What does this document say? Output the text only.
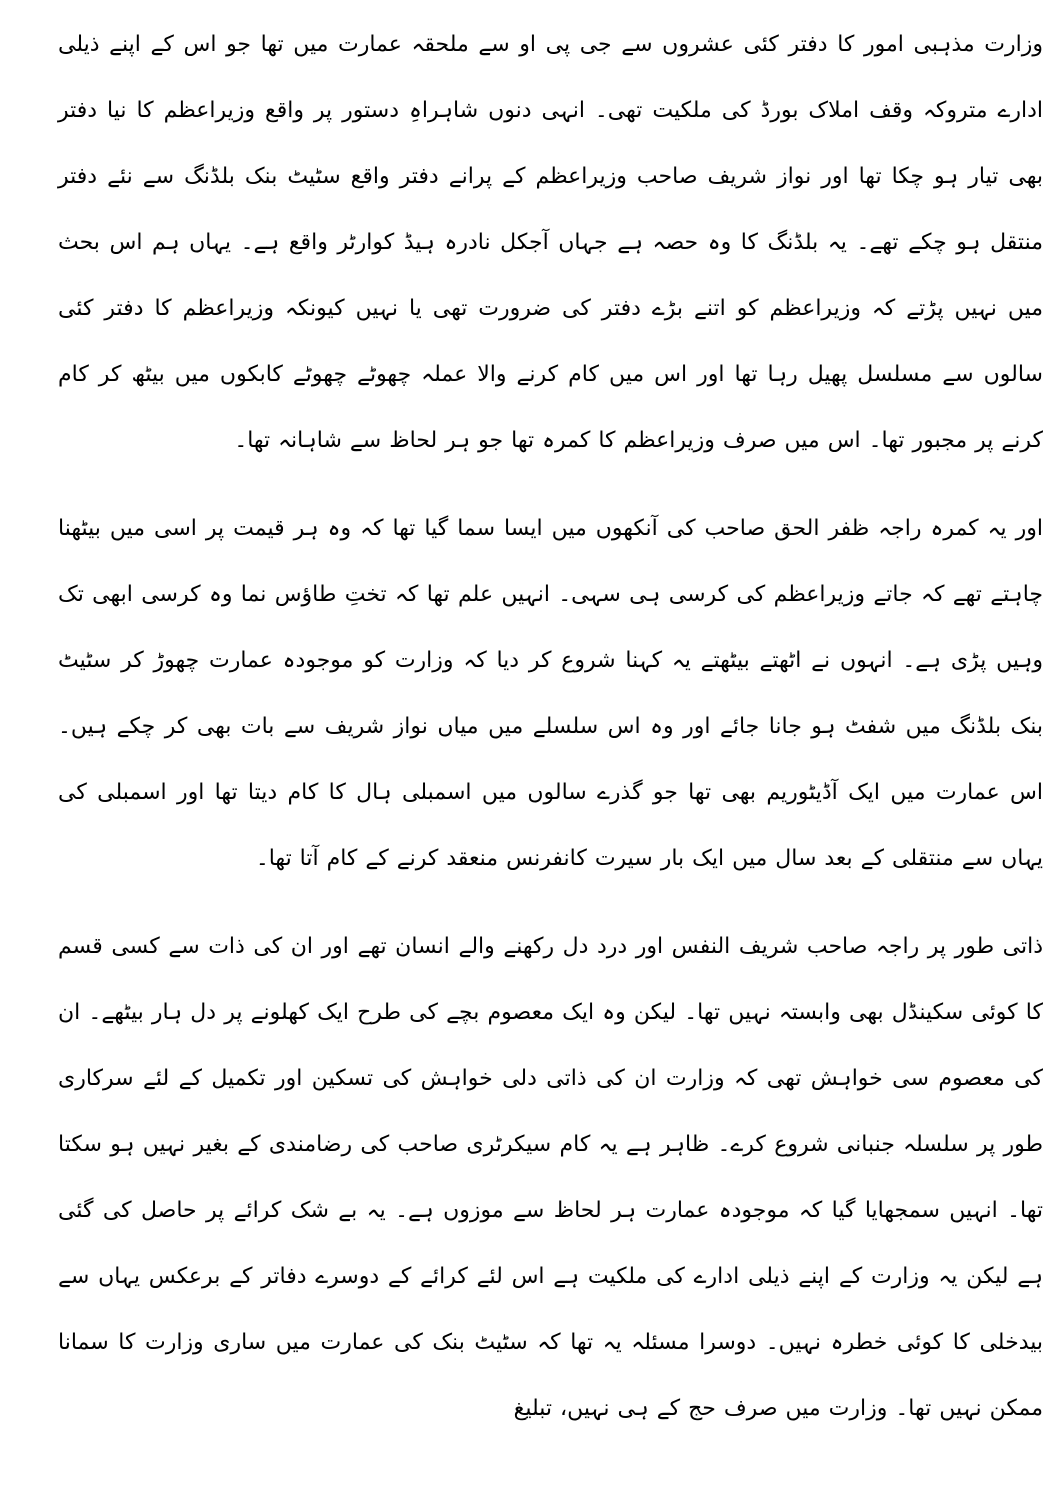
وزارت مذہبی امور کا دفتر کئی عشروں سے جی پی او سے ملحقہ عمارت میں تھا جو اس کے اپنے ذیلی ادارے متروکہ وقف املاک بورڈ کی ملکیت تھی۔ انہی دنوں شاہراہِ دستور پر واقع وزیراعظم کا نیا دفتر بھی تیار ہو چکا تھا اور نواز شریف صاحب وزیراعظم کے پرانے دفتر واقع سٹیٹ بنک بلڈنگ سے نئے دفتر منتقل ہو چکے تھے۔ یہ بلڈنگ کا وہ حصہ ہے جہاں آجکل نادرہ ہیڈ کوارٹر واقع ہے۔ یہاں ہم اس بحث میں نہیں پڑتے کہ وزیراعظم کو اتنے بڑے دفتر کی ضرورت تھی یا نہیں کیونکہ وزیراعظم کا دفتر کئی سالوں سے مسلسل پھیل رہا تھا اور اس میں کام کرنے والا عملہ چھوٹے چھوٹے کابکوں میں بیٹھ کر کام کرنے پر مجبور تھا۔ اس میں صرف وزیراعظم کا کمرہ تھا جو ہر لحاظ سے شاہانہ تھا۔

اور یہ کمرہ راجہ ظفر الحق صاحب کی آنکھوں میں ایسا سما گیا تھا کہ وہ ہر قیمت پر اسی میں بیٹھنا چاہتے تھے کہ جاتے وزیراعظم کی کرسی ہی سہی۔ انہیں علم تھا کہ تختِ طاؤس نما وہ کرسی ابھی تک وہیں پڑی ہے۔ انہوں نے اٹھتے بیٹھتے یہ کہنا شروع کر دیا کہ وزارت کو موجودہ عمارت چھوڑ کر سٹیٹ بنک بلڈنگ میں شفٹ ہو جانا جائے اور وہ اس سلسلے میں میاں نواز شریف سے بات بھی کر چکے ہیں۔ اس عمارت میں ایک آڈیٹوریم بھی تھا جو گذرے سالوں میں اسمبلی ہال کا کام دیتا تھا اور اسمبلی کی یہاں سے منتقلی کے بعد سال میں ایک بار سیرت کانفرنس منعقد کرنے کے کام آتا تھا۔

ذاتی طور پر راجہ صاحب شریف النفس اور درد دل رکھنے والے انسان تھے اور ان کی ذات سے کسی قسم کا کوئی سکینڈل بھی وابستہ نہیں تھا۔ لیکن وہ ایک معصوم بچے کی طرح ایک کھلونے پر دل ہار بیٹھے۔ ان کی معصوم سی خواہش تھی کہ وزارت ان کی ذاتی دلی خواہش کی تسکین اور تکمیل کے لئے سرکاری طور پر سلسلہ جنبانی شروع کرے۔ ظاہر ہے یہ کام سیکرٹری صاحب کی رضامندی کے بغیر نہیں ہو سکتا تھا۔ انہیں سمجھایا گیا کہ موجودہ عمارت ہر لحاظ سے موزوں ہے۔ یہ بے شک کرائے پر حاصل کی گئی ہے لیکن یہ وزارت کے اپنے ذیلی ادارے کی ملکیت ہے اس لئے کرائے کے دوسرے دفاتر کے برعکس یہاں سے بیدخلی کا کوئی خطرہ نہیں۔ دوسرا مسئلہ یہ تھا کہ سٹیٹ بنک کی عمارت میں ساری وزارت کا سمانا ممکن نہیں تھا۔ وزارت میں صرف حج کے ہی نہیں، تبلیغ
